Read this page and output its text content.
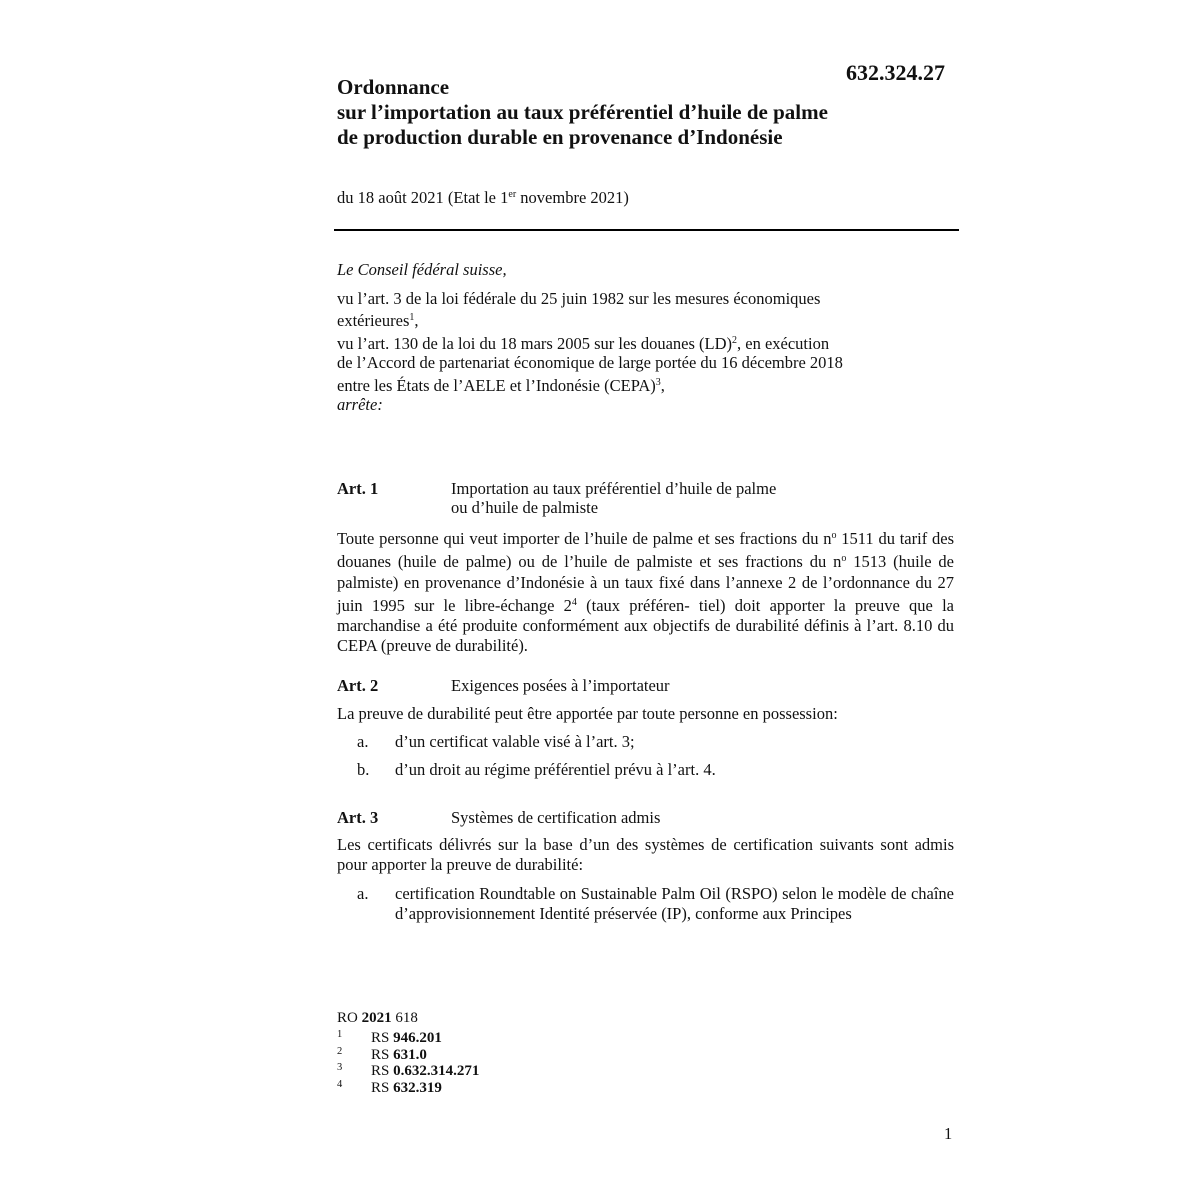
632.324.27
Ordonnance
sur l’importation au taux préférentiel d’huile de palme
de production durable en provenance d’Indonésie
du 18 août 2021 (Etat le 1er novembre 2021)
Le Conseil fédéral suisse,
vu l’art. 3 de la loi fédérale du 25 juin 1982 sur les mesures économiques
extérieures$^1$,
vu l’art. 130 de la loi du 18 mars 2005 sur les douanes (LD)$^2$, en exécution
de l’Accord de partenariat économique de large portée du 16 décembre 2018
entre les États de l’AELE et l’Indonésie (CEPA)$^3$,
arrête:
Art. 1	Importation au taux préférentiel d’huile de palme
ou d’huile de palmiste
Toute personne qui veut importer de l’huile de palme et ses fractions du n$^o$ 1511 du tarif des douanes (huile de palme) ou de l’huile de palmiste et ses fractions du n$^o$ 1513 (huile de palmiste) en provenance d’Indonésie à un taux fixé dans l’annexe 2 de l’ordonnance du 27 juin 1995 sur le libre-échange 2$^4$ (taux préféren- tiel) doit apporter la preuve que la marchandise a été produite conformément aux objectifs de durabilité définis à l’art. 8.10 du CEPA (preuve de durabilité).
Art. 2	Exigences posées à l’importateur
La preuve de durabilité peut être apportée par toute personne en possession:
a. d’un certificat valable visé à l’art. 3;
b. d’un droit au régime préférentiel prévu à l’art. 4.
Art. 3	Systèmes de certification admis
Les certificats délivrés sur la base d’un des systèmes de certification suivants sont admis pour apporter la preuve de durabilité:
a. certification Roundtable on Sustainable Palm Oil (RSPO) selon le modèle de chaîne d’approvisionnement Identité préservée (IP), conforme aux Principes
RO 2021 618
1 RS 946.201
2 RS 631.0
3 RS 0.632.314.271
4 RS 632.319
1
